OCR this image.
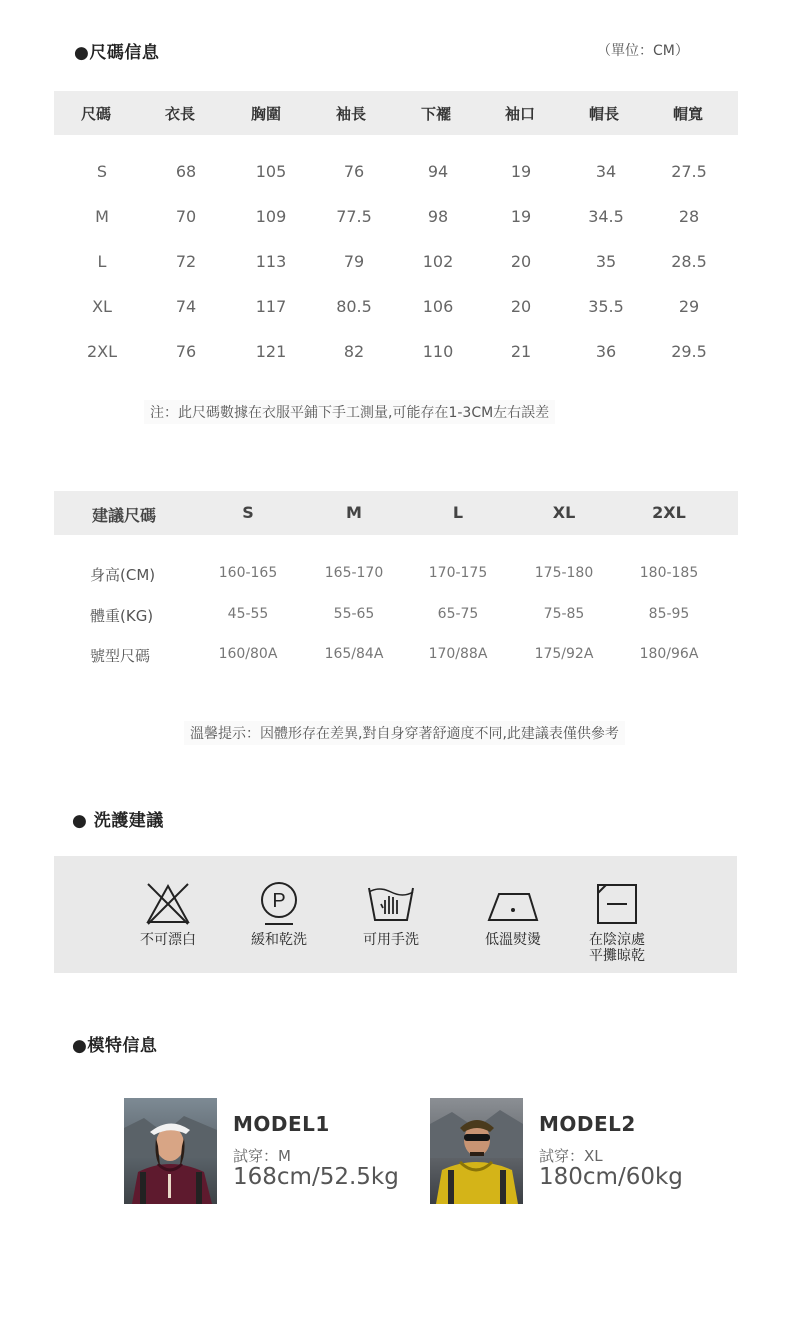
●尺碼信息	（單位：CM）
尺碼	衣長	胸圍	袖長	下襬	袖口	帽長	帽寬
S	68	105	76	94	19	34	27.5
M	70	109	77.5	98	19	34.5	28
L	72	113	79	102	20	35	28.5
XL	74	117	80.5	106	20	35.5	29
2XL	76	121	82	110	21	36	29.5
注：此尺碼數據在衣服平鋪下手工測量,可能存在1-3CM左右誤差
建議尺碼	S	M	L	XL	2XL
身高(CM)	160-165	165-170	170-175	175-180	180-185
體重(KG)	45-55	55-65	65-75	75-85	85-95
號型尺碼	160/80A	165/84A	170/88A	175/92A	180/96A
溫馨提示：因體形存在差異,對自身穿著舒適度不同,此建議表僅供參考
● 洗護建議
不可漂白
P
緩和乾洗	可用手洗	低溫熨燙	在陰涼處
平攤晾乾
●模特信息
MODEL1
試穿：M
168cm/52.5kg
MODEL2
試穿：XL
180cm/60kg
